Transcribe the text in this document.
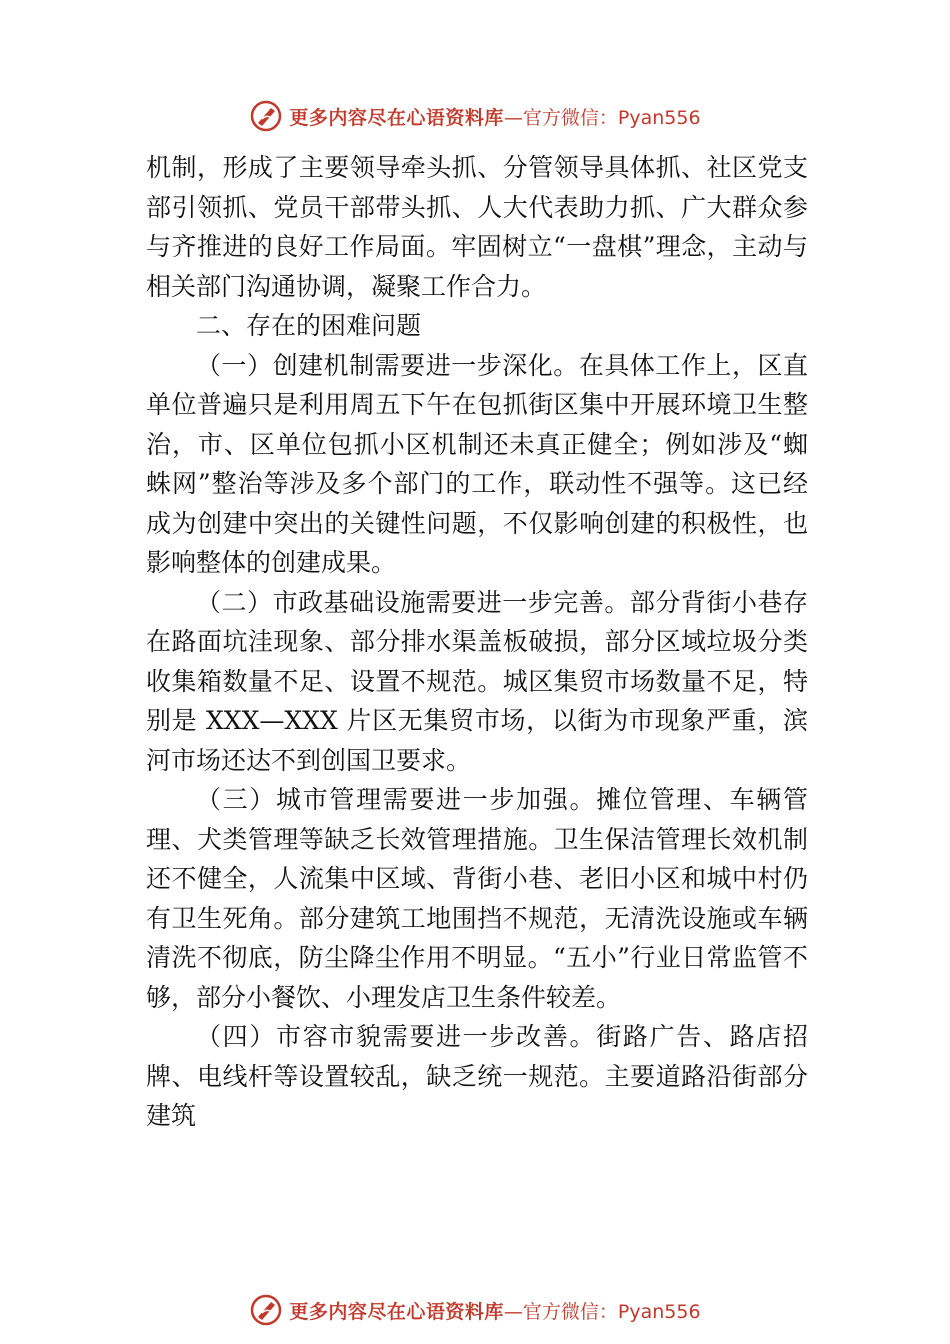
更多内容尽在心语资料库 —官方微信：Pyan556

机制，形成了主要领导牵头抓、分管领导具体抓、社区党支部引领抓、党员干部带头抓、人大代表助力抓、广大群众参与齐推进的良好工作局面。牢固树立“一盘棋”理念，主动与相关部门沟通协调，凝聚工作合力。

二、存在的困难问题

（一）创建机制需要进一步深化。在具体工作上，区直单位普遍只是利用周五下午在包抓街区集中开展环境卫生整治，市、区单位包抓小区机制还未真正健全；例如涉及“蜘蛛网”整治等涉及多个部门的工作，联动性不强等。这已经成为创建中突出的关键性问题，不仅影响创建的积极性，也影响整体的创建成果。

（二）市政基础设施需要进一步完善。部分背街小巷存在路面坑洼现象、部分排水渠盖板破损，部分区域垃圾分类收集箱数量不足、设置不规范。城区集贸市场数量不足，特别是 XXX—XXX 片区无集贸市场，以街为市现象严重，滨河市场还达不到创国卫要求。

（三）城市管理需要进一步加强。摊位管理、车辆管理、犬类管理等缺乏长效管理措施。卫生保洁管理长效机制还不健全，人流集中区域、背街小巷、老旧小区和城中村仍有卫生死角。部分建筑工地围挡不规范，无清洗设施或车辆清洗不彻底，防尘降尘作用不明显。“五小”行业日常监管不够，部分小餐饮、小理发店卫生条件较差。

（四）市容市貌需要进一步改善。街路广告、路店招牌、电线杆等设置较乱，缺乏统一规范。主要道路沿街部分建筑

更多内容尽在心语资料库 —官方微信：Pyan556
